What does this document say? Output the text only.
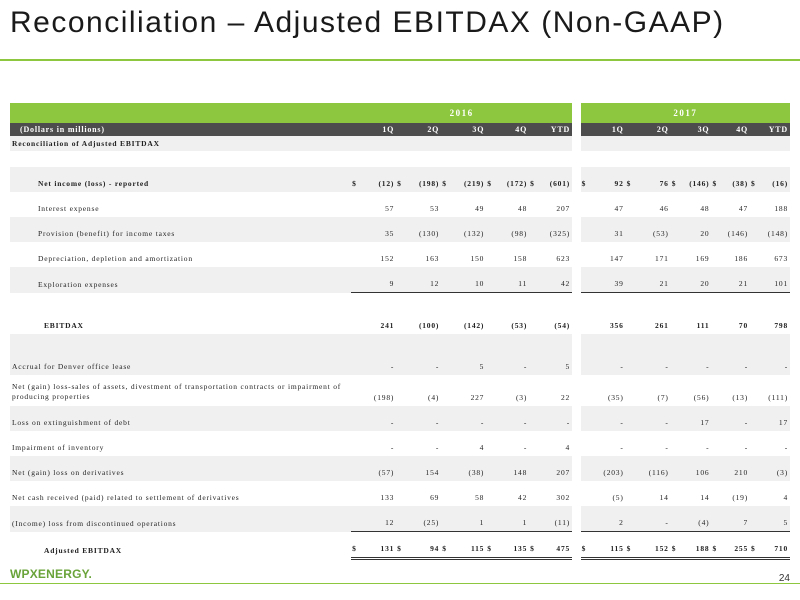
Reconciliation – Adjusted EBITDAX (Non-GAAP)
	2016											2017									
(Dollars in millions)	1Q		2Q		3Q		4Q		YTD			1Q		2Q		3Q		4Q		YTD	
Reconciliation of Adjusted EBITDAX																					

Net income (loss) - reported	$	(12)	$	(198)	$	(219)	$	(172)	$	(601)		$	92	$	76	$	(146)	$	(38)	$	(16)
Interest expense		57		53		49		48		207			47		46		48		47		188
Provision (benefit) for income taxes		35		(130)		(132)		(98)		(325)			31		(53)		20		(146)		(148)
Depreciation, depletion and amortization		152		163		150		158		623			147		171		169		186		673
Exploration expenses		9		12		10		11		42			39		21		20		21		101

EBITDAX		241		(100)		(142)		(53)		(54)			356		261		111		70		798

Accrual for Denver office lease		-		-		5		-		5			-		-		-		-		-
Net (gain) loss-sales of assets, divestment of transportation contracts or impairment of producing properties		(198)		(4)		227		(3)		22			(35)		(7)		(56)		(13)		(111)
Loss on extinguishment of debt		-		-		-		-		-			-		-		17		-		17
Impairment of inventory		-		-		4		-		4			-		-		-		-		-
Net (gain) loss on derivatives		(57)		154		(38)		148		207			(203)		(116)		106		210		(3)
Net cash received (paid) related to settlement of derivatives		133		69		58		42		302			(5)		14		14		(19)		4
(Income) loss from discontinued operations		12		(25)		1		1		(11)			2		-		(4)		7		5
Adjusted EBITDAX	$	131	$	94	$	115	$	135	$	475		$	115	$	152	$	188	$	255	$	710
WPXENERGY.	24
